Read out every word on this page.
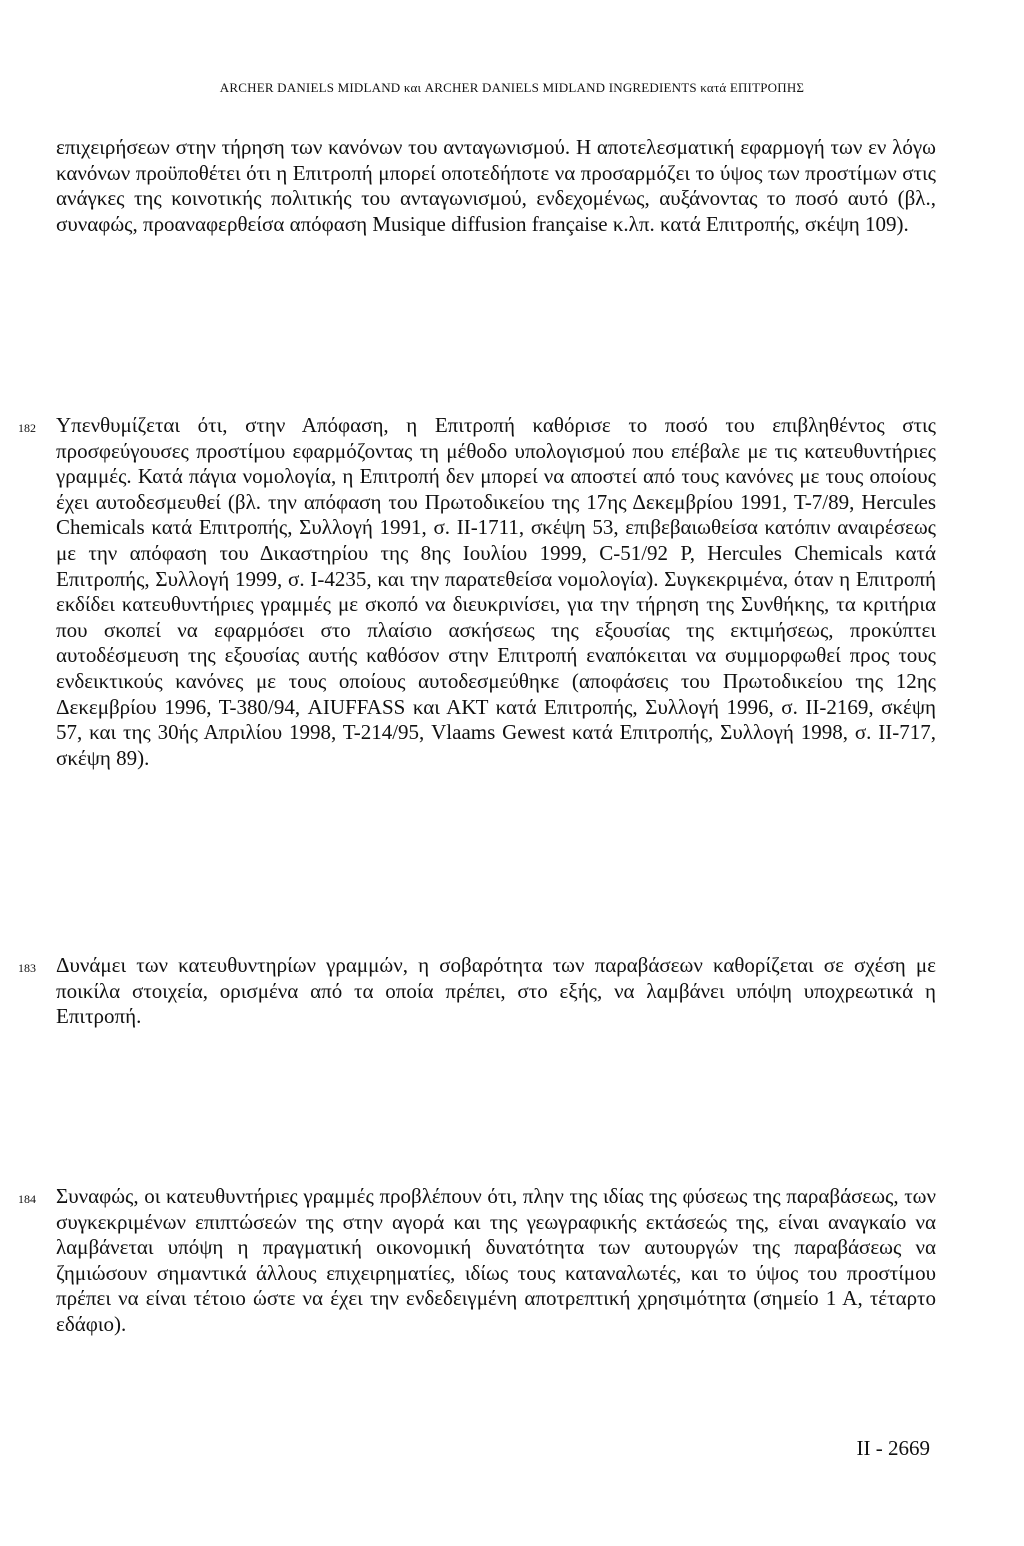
ARCHER DANIELS MIDLAND και ARCHER DANIELS MIDLAND INGREDIENTS κατά ΕΠΙΤΡΟΠΗΣ

επιχειρήσεων στην τήρηση των κανόνων του ανταγωνισμού. Η αποτελεσματική εφαρμογή των εν λόγω κανόνων προϋποθέτει ότι η Επιτροπή μπορεί οποτεδήποτε να προσαρμόζει το ύψος των προστίμων στις ανάγκες της κοινοτικής πολιτικής του ανταγωνισμού, ενδεχομένως, αυξάνοντας το ποσό αυτό (βλ., συναφώς, προαναφερθείσα απόφαση Musique diffusion française κ.λπ. κατά Επιτροπής, σκέψη 109).

182 Υπενθυμίζεται ότι, στην Απόφαση, η Επιτροπή καθόρισε το ποσό του επιβληθέντος στις προσφεύγουσες προστίμου εφαρμόζοντας τη μέθοδο υπολογισμού που επέβαλε με τις κατευθυντήριες γραμμές. Κατά πάγια νομολογία, η Επιτροπή δεν μπορεί να αποστεί από τους κανόνες με τους οποίους έχει αυτοδεσμευθεί (βλ. την απόφαση του Πρωτοδικείου της 17ης Δεκεμβρίου 1991, Τ-7/89, Hercules Chemicals κατά Επιτροπής, Συλλογή 1991, σ. ΙΙ-1711, σκέψη 53, επιβεβαιωθείσα κατόπιν αναιρέσεως με την απόφαση του Δικαστηρίου της 8ης Ιουλίου 1999, C-51/92 Ρ, Hercules Chemicals κατά Επιτροπής, Συλλογή 1999, σ. Ι-4235, και την παρατεθείσα νομολογία). Συγκεκριμένα, όταν η Επιτροπή εκδίδει κατευθυντήριες γραμμές με σκοπό να διευκρινίσει, για την τήρηση της Συνθήκης, τα κριτήρια που σκοπεί να εφαρμόσει στο πλαίσιο ασκήσεως της εξουσίας της εκτιμήσεως, προκύπτει αυτοδέσμευση της εξουσίας αυτής καθόσον στην Επιτροπή εναπόκειται να συμμορφωθεί προς τους ενδεικτικούς κανόνες με τους οποίους αυτοδεσμεύθηκε (αποφάσεις του Πρωτοδικείου της 12ης Δεκεμβρίου 1996, Τ-380/94, AIUFFASS και ΑΚΤ κατά Επιτροπής, Συλλογή 1996, σ. ΙΙ-2169, σκέψη 57, και της 30ής Απριλίου 1998, Τ-214/95, Vlaams Gewest κατά Επιτροπής, Συλλογή 1998, σ. ΙΙ-717, σκέψη 89).

183 Δυνάμει των κατευθυντηρίων γραμμών, η σοβαρότητα των παραβάσεων καθορίζεται σε σχέση με ποικίλα στοιχεία, ορισμένα από τα οποία πρέπει, στο εξής, να λαμβάνει υπόψη υποχρεωτικά η Επιτροπή.

184 Συναφώς, οι κατευθυντήριες γραμμές προβλέπουν ότι, πλην της ιδίας της φύσεως της παραβάσεως, των συγκεκριμένων επιπτώσεών της στην αγορά και της γεωγραφικής εκτάσεώς της, είναι αναγκαίο να λαμβάνεται υπόψη η πραγματική οικονομική δυνατότητα των αυτουργών της παραβάσεως να ζημιώσουν σημαντικά άλλους επιχειρηματίες, ιδίως τους καταναλωτές, και το ύψος του προστίμου πρέπει να είναι τέτοιο ώστε να έχει την ενδεδειγμένη αποτρεπτική χρησιμότητα (σημείο 1 Α, τέταρτο εδάφιο).

II - 2669
